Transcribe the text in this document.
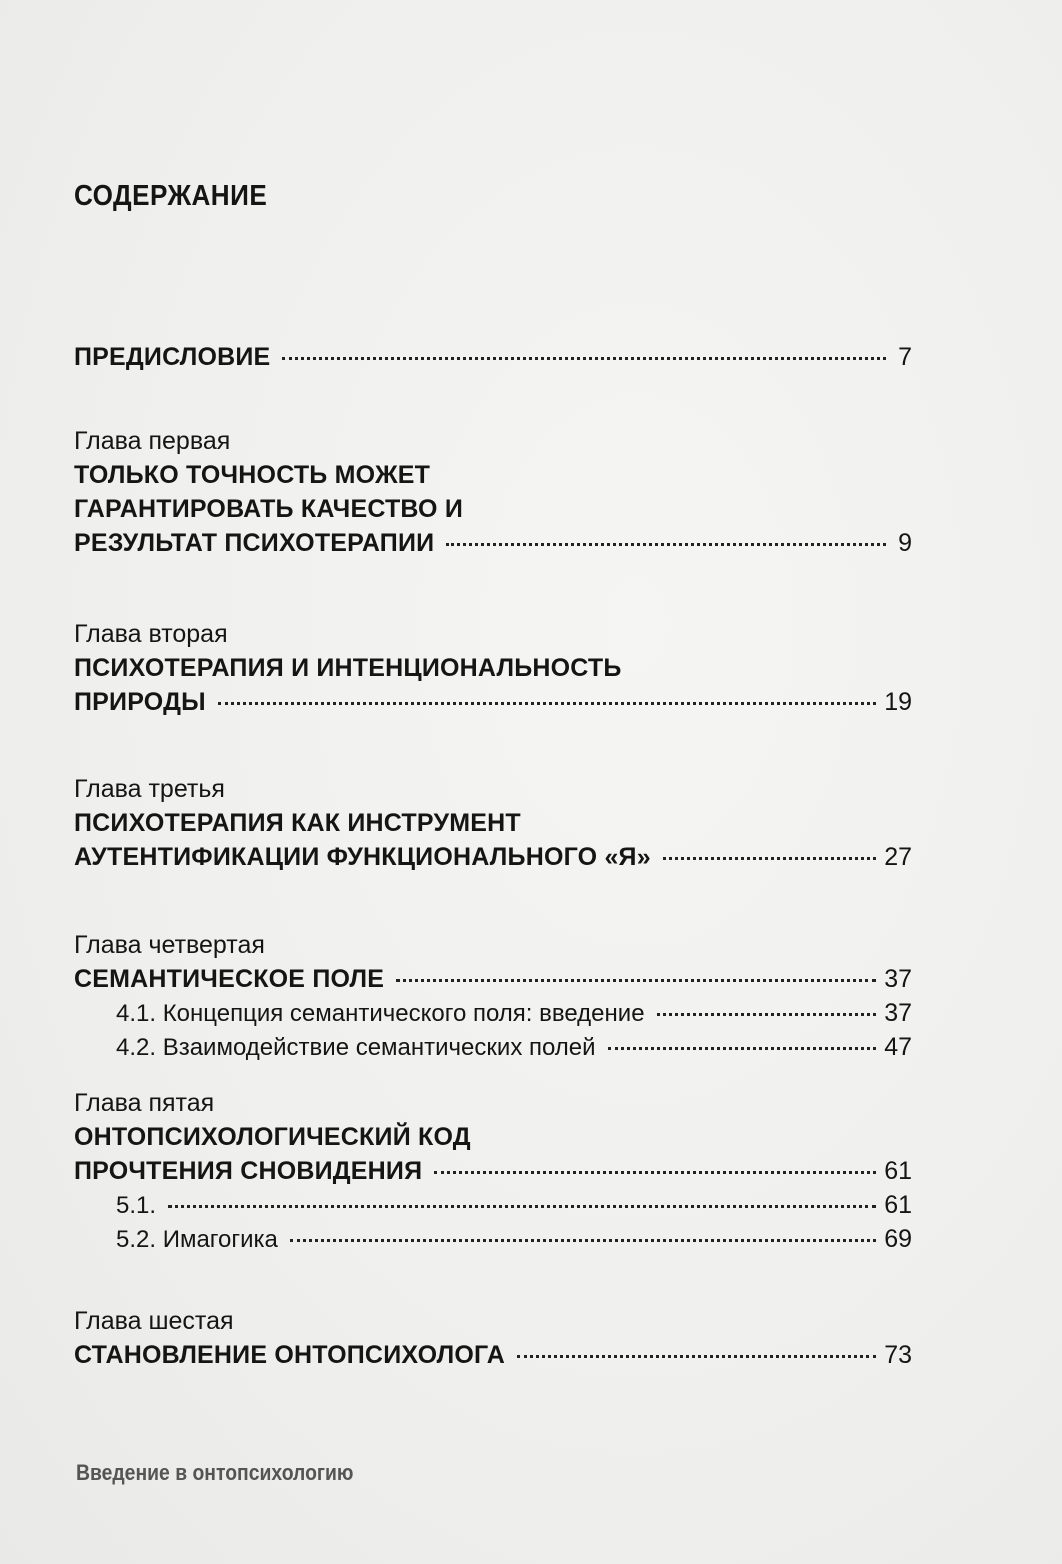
СОДЕРЖАНИЕ
ПРЕДИСЛОВИЕ	7
Глава первая
ТОЛЬКО ТОЧНОСТЬ МОЖЕТ
ГАРАНТИРОВАТЬ КАЧЕСТВО И
РЕЗУЛЬТАТ ПСИХОТЕРАПИИ	9
Глава вторая
ПСИХОТЕРАПИЯ И ИНТЕНЦИОНАЛЬНОСТЬ
ПРИРОДЫ	19
Глава третья
ПСИХОТЕРАПИЯ КАК ИНСТРУМЕНТ
АУТЕНТИФИКАЦИИ ФУНКЦИОНАЛЬНОГО «Я»	27
Глава четвертая
СЕМАНТИЧЕСКОЕ ПОЛЕ	37
4.1. Концепция семантического поля: введение	37
4.2. Взаимодействие семантических полей	47
Глава пятая
ОНТОПСИХОЛОГИЧЕСКИЙ КОД
ПРОЧТЕНИЯ СНОВИДЕНИЯ	61
5.1.	61
5.2. Имагогика	69
Глава шестая
СТАНОВЛЕНИЕ ОНТОПСИХОЛОГА	73
Введение в онтопсихологию
